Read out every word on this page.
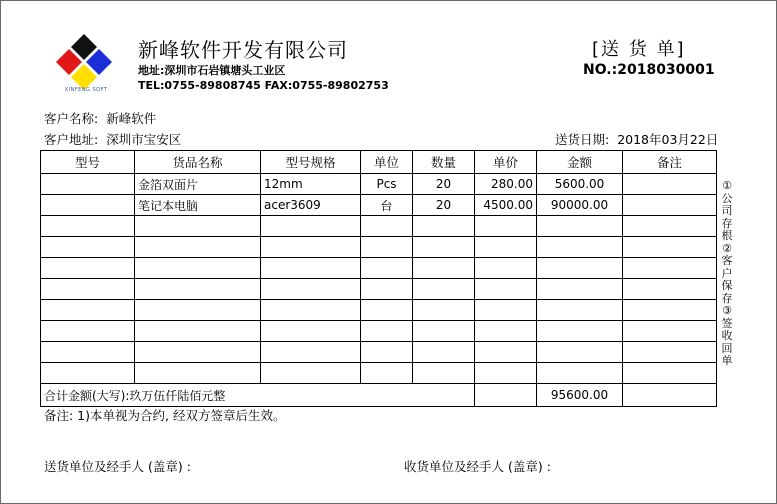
XINFENG SOFT
新峰软件开发有限公司
地址:深圳市石岩镇塘头工业区
TEL:0755-89808745 FAX:0755-89802753
[送 货 单]
NO.:2018030001
客户名称: 新峰软件
客户地址: 深圳市宝安区	送货日期: 2018年03月22日
型号	货品名称	型号规格	单位	数量	单价	金额	备注
	金箔双面片	12mm	Pcs	20	280.00	5600.00	
	笔记本电脑	acer3609	台	20	4500.00	90000.00	

合计金额(大写):玖万伍仟陆佰元整						95600.00	
①公司存根②客户保存③签收回单
备注: 1)本单视为合约, 经双方签章后生效。
送货单位及经手人 (盖章) :	收货单位及经手人 (盖章) :
